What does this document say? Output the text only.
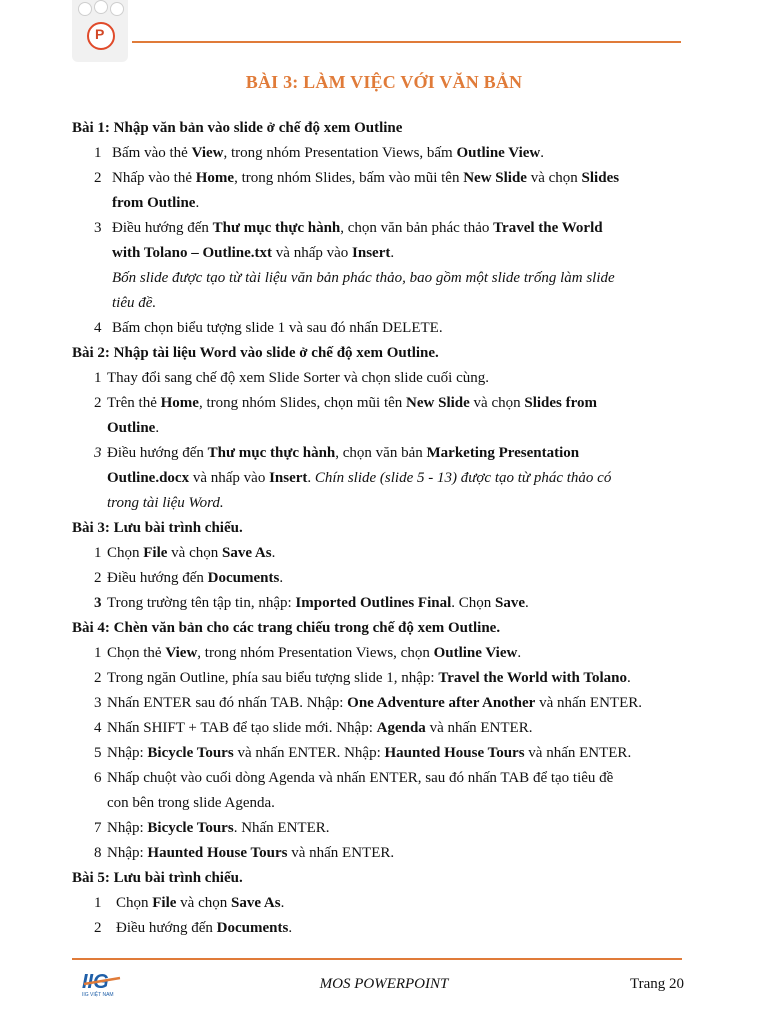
P
BÀI 3: LÀM VIỆC VỚI VĂN BẢN
Bài 1: Nhập văn bản vào slide ở chế độ xem Outline
1 Bấm vào thẻ View, trong nhóm Presentation Views, bấm Outline View.
2 Nhấp vào thẻ Home, trong nhóm Slides, bấm vào mũi tên New Slide và chọn Slides
from Outline.
3 Điều hướng đến Thư mục thực hành, chọn văn bản phác thảo Travel the World
with Tolano – Outline.txt và nhấp vào Insert.
Bốn slide được tạo từ tài liệu văn bản phác thảo, bao gồm một slide trống làm slide
tiêu đề.
4 Bấm chọn biểu tượng slide 1 và sau đó nhấn DELETE.
Bài 2: Nhập tài liệu Word vào slide ở chế độ xem Outline.
1 Thay đổi sang chế độ xem Slide Sorter và chọn slide cuối cùng.
2 Trên thẻ Home, trong nhóm Slides, chọn mũi tên New Slide và chọn Slides from
Outline.
3 Điều hướng đến Thư mục thực hành, chọn văn bản Marketing Presentation
Outline.docx và nhấp vào Insert. Chín slide (slide 5 - 13) được tạo từ phác thảo có
trong tài liệu Word.
Bài 3: Lưu bài trình chiếu.
1 Chọn File và chọn Save As.
2 Điều hướng đến Documents.
3 Trong trường tên tập tin, nhập: Imported Outlines Final. Chọn Save.
Bài 4: Chèn văn bản cho các trang chiếu trong chế độ xem Outline.
1 Chọn thẻ View, trong nhóm Presentation Views, chọn Outline View.
2 Trong ngăn Outline, phía sau biểu tượng slide 1, nhập: Travel the World with Tolano.
3 Nhấn ENTER sau đó nhấn TAB. Nhập: One Adventure after Another và nhấn ENTER.
4 Nhấn SHIFT + TAB để tạo slide mới. Nhập: Agenda và nhấn ENTER.
5 Nhập: Bicycle Tours và nhấn ENTER. Nhập: Haunted House Tours và nhấn ENTER.
6 Nhấp chuột vào cuối dòng Agenda và nhấn ENTER, sau đó nhấn TAB để tạo tiêu đề
con bên trong slide Agenda.
7 Nhập: Bicycle Tours. Nhấn ENTER.
8 Nhập: Haunted House Tours và nhấn ENTER.
Bài 5: Lưu bài trình chiếu.
1 Chọn File và chọn Save As.
2 Điều hướng đến Documents.
IIG
IIG VIỆT NAM
MOS POWERPOINT	Trang 20
